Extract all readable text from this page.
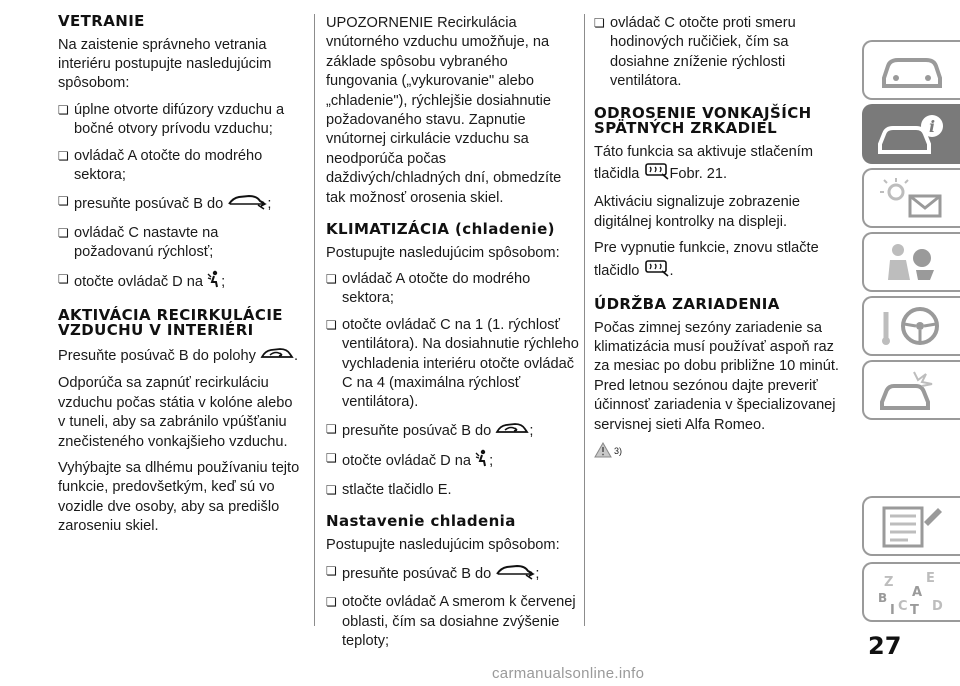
VETRANIE

Na zaistenie správneho vetrania interiéru postupujte nasledujúcim spôsobom:

❏ úplne otvorte difúzory vzduchu a bočné otvory prívodu vzduchu;

❏ ovládač A otočte do modrého sektora;

❏ presuňte posúvač B do	;

❏ ovládač C nastavte na požadovanú rýchlosť;

❏ otočte ovládač D na ;

AKTIVÁCIA RECIRKULÁCIE VZDUCHU V INTERIÉRI

Presuňte posúvač B do polohy	.

Odporúča sa zapnúť recirkuláciu vzduchu počas státia v kolóne alebo v tuneli, aby sa zabránilo vpúšťaniu znečisteného vonkajšieho vzduchu.

Vyhýbajte sa dlhému používaniu tejto funkcie, predovšetkým, keď sú vo vozidle dve osoby, aby sa predišlo zaroseniu skiel.

UPOZORNENIE Recirkulácia vnútorného vzduchu umožňuje, na základe spôsobu vybraného fungovania („vykurovanie" alebo „chladenie"), rýchlejšie dosiahnutie požadovaného stavu. Zapnutie vnútornej cirkulácie vzduchu sa neodporúča počas daždivých/chladných dní, obmedzíte tak možnosť orosenia skiel.

KLIMATIZÁCIA (chladenie)

Postupujte nasledujúcim spôsobom:

❏ ovládač A otočte do modrého sektora;

❏ otočte ovládač C na 1 (1. rýchlosť ventilátora). Na dosiahnutie rýchleho vychladenia interiéru otočte ovládač C na 4 (maximálna rýchlosť ventilátora).

❏ presuňte posúvač B do	;

❏ otočte ovládač D na ;

❏ stlačte tlačidlo E.

Nastavenie chladenia

Postupujte nasledujúcim spôsobom:

❏ presuňte posúvač B do	;

❏ otočte ovládač A smerom k červenej oblasti, čím sa dosiahne zvýšenie teploty;

❏ ovládač C otočte proti smeru hodinových ručičiek, čím sa dosiahne zníženie rýchlosti ventilátora.

ODROSENIE VONKAJŠÍCH SPÄTNÝCH ZRKADIEL

Táto funkcia sa aktivuje stlačením tlačidla Fobr. 21.

Aktiváciu signalizuje zobrazenie digitálnej kontrolky na displeji.

Pre vypnutie funkcie, znovu stlačte tlačidlo .

ÚDRŽBA ZARIADENIA

Počas zimnej sezóny zariadenie sa klimatizácia musí používať aspoň raz za mesiac po dobu približne 10 minút. Pred letnou sezónou dajte preveriť účinnosť zariadenia v špecializovanej servisnej sieti Alfa Romeo.

$^{3)}$

i
Z	E
B A
I C T D
27
carmanualsonline.info
